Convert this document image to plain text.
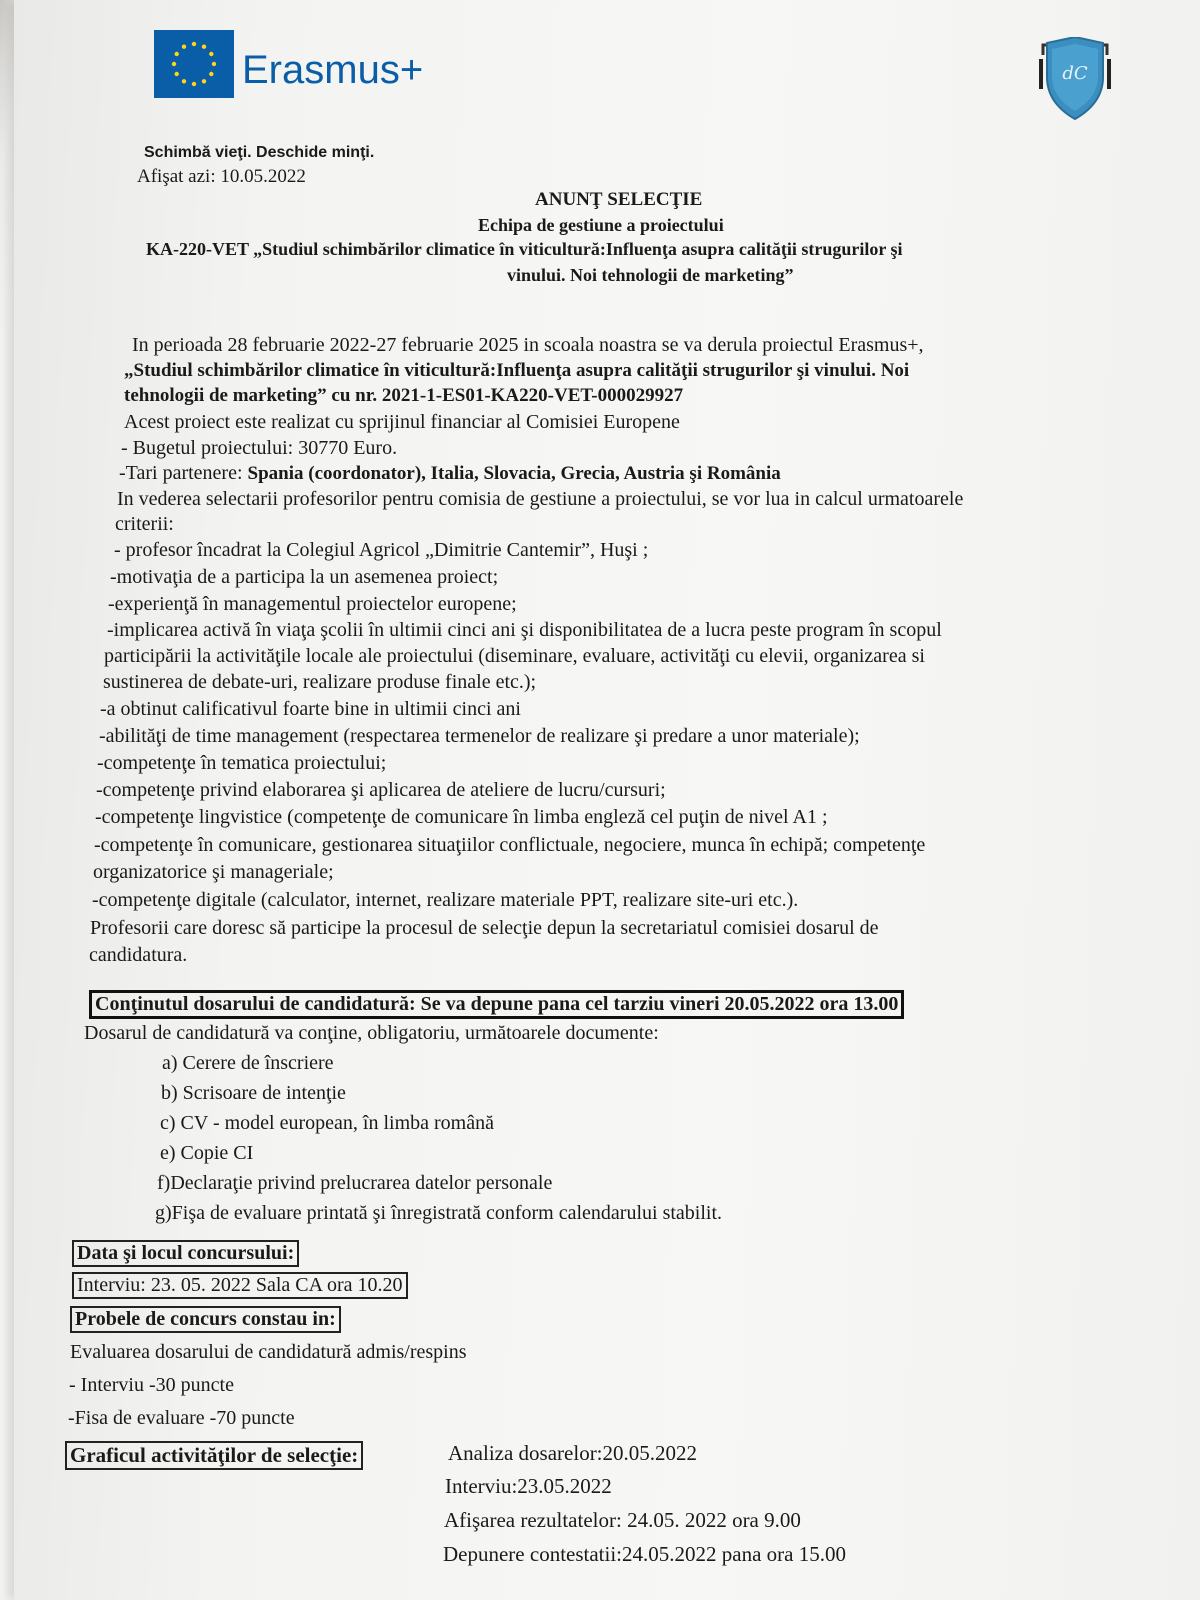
Erasmus+	dC
Schimbă vieţi. Deschide minţi.
Afişat azi: 10.05.2022
ANUNŢ SELECŢIE
Echipa de gestiune a proiectului
KA-220-VET „Studiul schimbărilor climatice în viticultură:Influenţa asupra calităţii strugurilor şi
vinului. Noi tehnologii de marketing”
In perioada 28 februarie 2022-27 februarie 2025 in scoala noastra se va derula proiectul Erasmus+,
„Studiul schimbărilor climatice în viticultură:Influenţa asupra calităţii strugurilor şi vinului. Noi
tehnologii de marketing” cu nr. 2021-1-ES01-KA220-VET-000029927
Acest proiect este realizat cu sprijinul financiar al Comisiei Europene
- Bugetul proiectului: 30770 Euro.
-Tari partenere: Spania (coordonator), Italia, Slovacia, Grecia, Austria şi România
In vederea selectarii profesorilor pentru comisia de gestiune a proiectului, se vor lua in calcul urmatoarele
criterii:
- profesor încadrat la Colegiul Agricol „Dimitrie Cantemir”, Huşi ;
-motivaţia de a participa la un asemenea proiect;
-experienţă în managementul proiectelor europene;
-implicarea activă în viaţa şcolii în ultimii cinci ani şi disponibilitatea de a lucra peste program în scopul
participării la activităţile locale ale proiectului (diseminare, evaluare, activităţi cu elevii, organizarea si
sustinerea de debate-uri, realizare produse finale etc.);
-a obtinut calificativul foarte bine in ultimii cinci ani
-abilităţi de time management (respectarea termenelor de realizare şi predare a unor materiale);
-competenţe în tematica proiectului;
-competenţe privind elaborarea şi aplicarea de ateliere de lucru/cursuri;
-competenţe lingvistice (competenţe de comunicare în limba engleză cel puţin de nivel A1 ;
-competenţe în comunicare, gestionarea situaţiilor conflictuale, negociere, munca în echipă; competenţe
organizatorice şi manageriale;
-competenţe digitale (calculator, internet, realizare materiale PPT, realizare site-uri etc.).
Profesorii care doresc să participe la procesul de selecţie depun la secretariatul comisiei dosarul de
candidatura.
Conţinutul dosarului de candidatură: Se va depune pana cel tarziu vineri 20.05.2022 ora 13.00
Dosarul de candidatură va conţine, obligatoriu, următoarele documente:
a) Cerere de înscriere
b) Scrisoare de intenţie
c) CV - model european, în limba română
e) Copie CI
f)Declaraţie privind prelucrarea datelor personale
g)Fişa de evaluare printată şi înregistrată conform calendarului stabilit.
Data şi locul concursului:
Interviu: 23. 05. 2022 Sala CA ora 10.20
Probele de concurs constau in:
Evaluarea dosarului de candidatură admis/respins
- Interviu -30 puncte
-Fisa de evaluare -70 puncte
Graficul activităţilor de selecţie:	Analiza dosarelor:20.05.2022
Interviu:23.05.2022
Afişarea rezultatelor: 24.05. 2022 ora 9.00
Depunere contestatii:24.05.2022 pana ora 15.00
